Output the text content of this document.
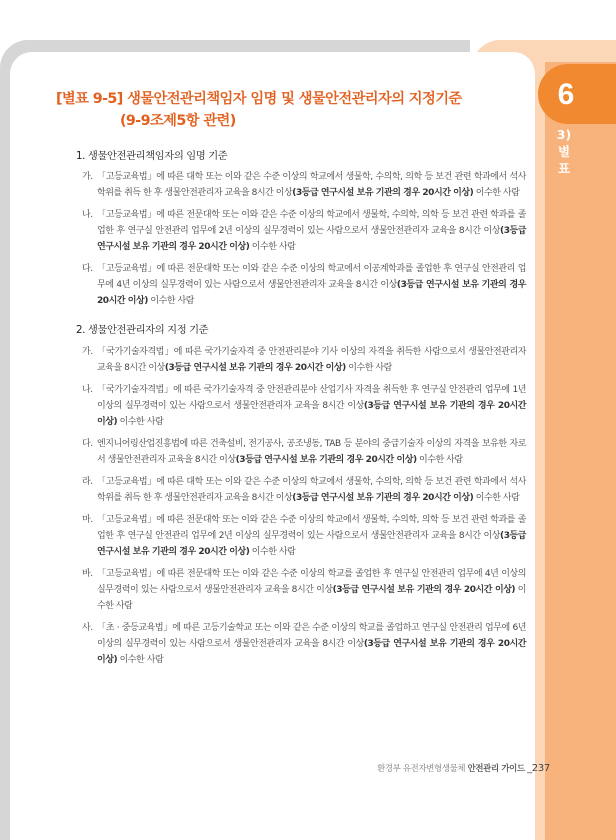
6
3)
별
표
[별표 9-5] 생물안전관리책임자 임명 및 생물안전관리자의 지정기준
(9-9조제5항 관련)
1. 생물안전관리책임자의 임명 기준
가. 「고등교육법」에 따른 대학 또는 이와 같은 수준 이상의 학교에서 생물학, 수의학, 의학 등 보건 관련 학과에서 석사학위를 취득 한 후 생물안전관리자 교육을 8시간 이상(3등급 연구시설 보유 기관의 경우 20시간 이상) 이수한 사람
나. 「고등교육법」에 따른 전문대학 또는 이와 같은 수준 이상의 학교에서 생물학, 수의학, 의학 등 보건 관련 학과를 졸업한 후 연구실 안전관리 업무에 2년 이상의 실무경력이 있는 사람으로서 생물안전관리자 교육을 8시간 이상(3등급 연구시설 보유 기관의 경우 20시간 이상) 이수한 사람
다. 「고등교육법」에 따른 전문대학 또는 이와 같은 수준 이상의 학교에서 이공계학과를 졸업한 후 연구실 안전관리 업무에 4년 이상의 실무경력이 있는 사람으로서 생물안전관리자 교육을 8시간 이상(3등급 연구시설 보유 기관의 경우 20시간 이상) 이수한 사람
2. 생물안전관리자의 지정 기준
가. 「국가기술자격법」에 따른 국가기술자격 중 안전관리분야 기사 이상의 자격을 취득한 사람으로서 생물안전관리자 교육을 8시간 이상(3등급 연구시설 보유 기관의 경우 20시간 이상) 이수한 사람
나. 「국가기술자격법」에 따른 국가기술자격 중 안전관리분야 산업기사 자격을 취득한 후 연구실 안전관리 업무에 1년 이상의 실무경력이 있는 사람으로서 생물안전관리자 교육을 8시간 이상(3등급 연구시설 보유 기관의 경우 20시간 이상) 이수한 사람
다. 엔지니어링산업진흥법에 따른 건축설비, 전기공사, 공조냉동, TAB 등 분야의 중급기술자 이상의 자격을 보유한 자로서 생물안전관리자 교육을 8시간 이상(3등급 연구시설 보유 기관의 경우 20시간 이상) 이수한 사람
라. 「고등교육법」에 따른 대학 또는 이와 같은 수준 이상의 학교에서 생물학, 수의학, 의학 등 보건 관련 학과에서 석사학위를 취득 한 후 생물안전관리자 교육을 8시간 이상(3등급 연구시설 보유 기관의 경우 20시간 이상) 이수한 사람
마. 「고등교육법」에 따른 전문대학 또는 이와 같은 수준 이상의 학교에서 생물학, 수의학, 의학 등 보건 관련 학과를 졸업한 후 연구실 안전관리 업무에 2년 이상의 실무경력이 있는 사람으로서 생물안전관리자 교육을 8시간 이상(3등급 연구시설 보유 기관의 경우 20시간 이상) 이수한 사람
바. 「고등교육법」에 따른 전문대학 또는 이와 같은 수준 이상의 학교를 졸업한 후 연구실 안전관리 업무에 4년 이상의 실무경력이 있는 사람으로서 생물안전관리자 교육을 8시간 이상(3등급 연구시설 보유 기관의 경우 20시간 이상) 이수한 사람
사. 「초 · 중등교육법」에 따른 고등기술학교 또는 이와 같은 수준 이상의 학교를 졸업하고 연구실 안전관리 업무에 6년 이상의 실무경력이 있는 사람으로서 생물안전관리자 교육을 8시간 이상(3등급 연구시설 보유 기관의 경우 20시간 이상) 이수한 사람
환경부 유전자변형생물체 안전관리 가이드 _237
